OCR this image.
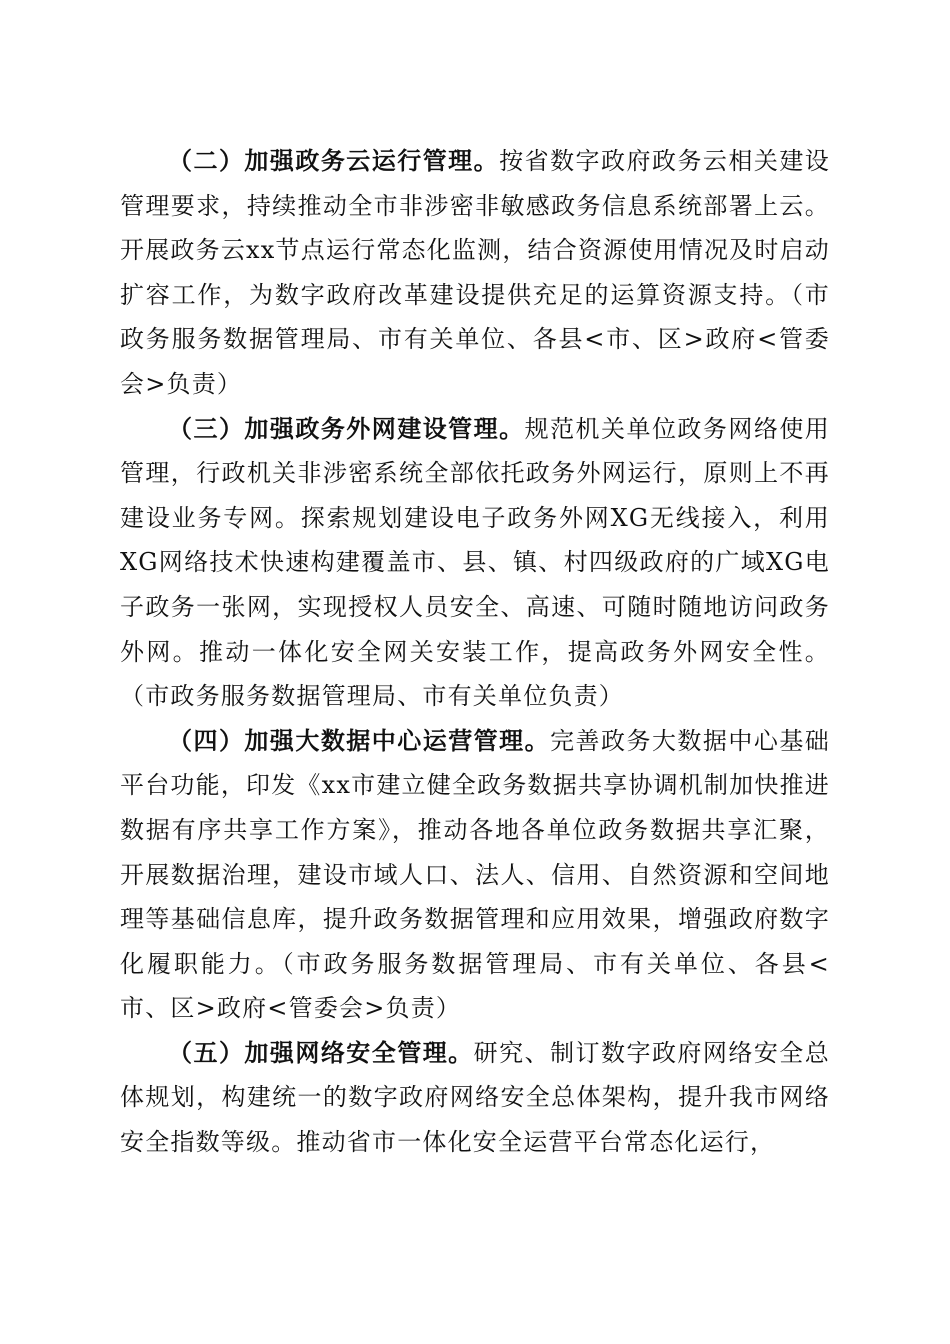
（二）加强政务云运行管理。按省数字政府政务云相关建设管理要求，持续推动全市非涉密非敏感政务信息系统部署上云。开展政务云xx节点运行常态化监测，结合资源使用情况及时启动扩容工作，为数字政府改革建设提供充足的运算资源支持。（市政务服务数据管理局、市有关单位、各县<市、区>政府<管委会>负责）

（三）加强政务外网建设管理。规范机关单位政务网络使用管理，行政机关非涉密系统全部依托政务外网运行，原则上不再建设业务专网。探索规划建设电子政务外网XG无线接入，利用XG网络技术快速构建覆盖市、县、镇、村四级政府的广域XG电子政务一张网，实现授权人员安全、高速、可随时随地访问政务外网。推动一体化安全网关安装工作，提高政务外网安全性。（市政务服务数据管理局、市有关单位负责）

（四）加强大数据中心运营管理。完善政务大数据中心基础平台功能，印发《xx市建立健全政务数据共享协调机制加快推进数据有序共享工作方案》，推动各地各单位政务数据共享汇聚，开展数据治理，建设市域人口、法人、信用、自然资源和空间地理等基础信息库，提升政务数据管理和应用效果，增强政府数字化履职能力。（市政务服务数据管理局、市有关单位、各县<市、区>政府<管委会>负责）

（五）加强网络安全管理。研究、制订数字政府网络安全总体规划，构建统一的数字政府网络安全总体架构，提升我市网络安全指数等级。推动省市一体化安全运营平台常态化运行，
